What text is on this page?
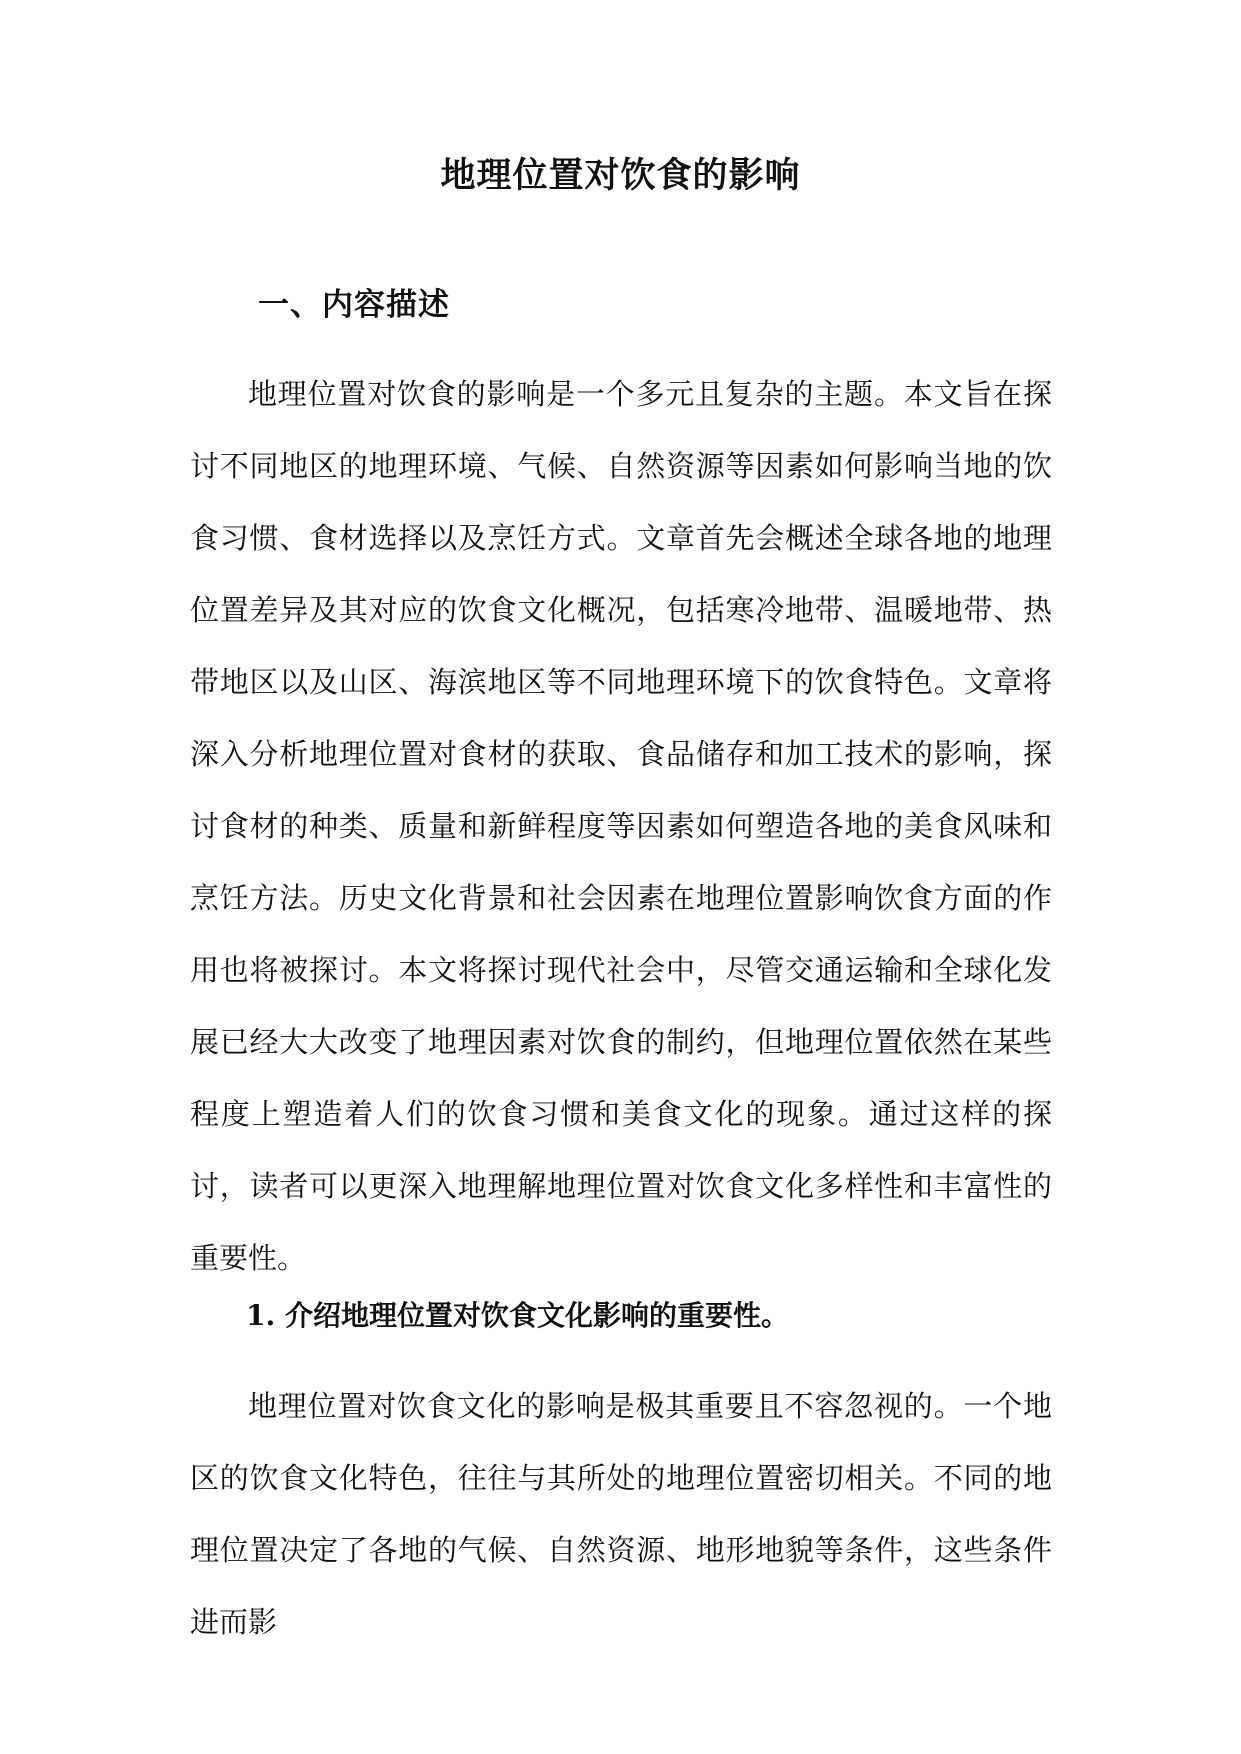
地理位置对饮食的影响
一、内容描述

地理位置对饮食的影响是一个多元且复杂的主题。本文旨在探讨不同地区的地理环境、气候、自然资源等因素如何影响当地的饮食习惯、食材选择以及烹饪方式。文章首先会概述全球各地的地理位置差异及其对应的饮食文化概况，包括寒冷地带、温暖地带、热带地区以及山区、海滨地区等不同地理环境下的饮食特色。文章将深入分析地理位置对食材的获取、食品储存和加工技术的影响，探讨食材的种类、质量和新鲜程度等因素如何塑造各地的美食风味和烹饪方法。历史文化背景和社会因素在地理位置影响饮食方面的作用也将被探讨。本文将探讨现代社会中，尽管交通运输和全球化发展已经大大改变了地理因素对饮食的制约，但地理位置依然在某些程度上塑造着人们的饮食习惯和美食文化的现象。通过这样的探讨，读者可以更深入地理解地理位置对饮食文化多样性和丰富性的重要性。

1. 介绍地理位置对饮食文化影响的重要性。

地理位置对饮食文化的影响是极其重要且不容忽视的。一个地区的饮食文化特色，往往与其所处的地理位置密切相关。不同的地理位置决定了各地的气候、自然资源、地形地貌等条件，这些条件进而影
